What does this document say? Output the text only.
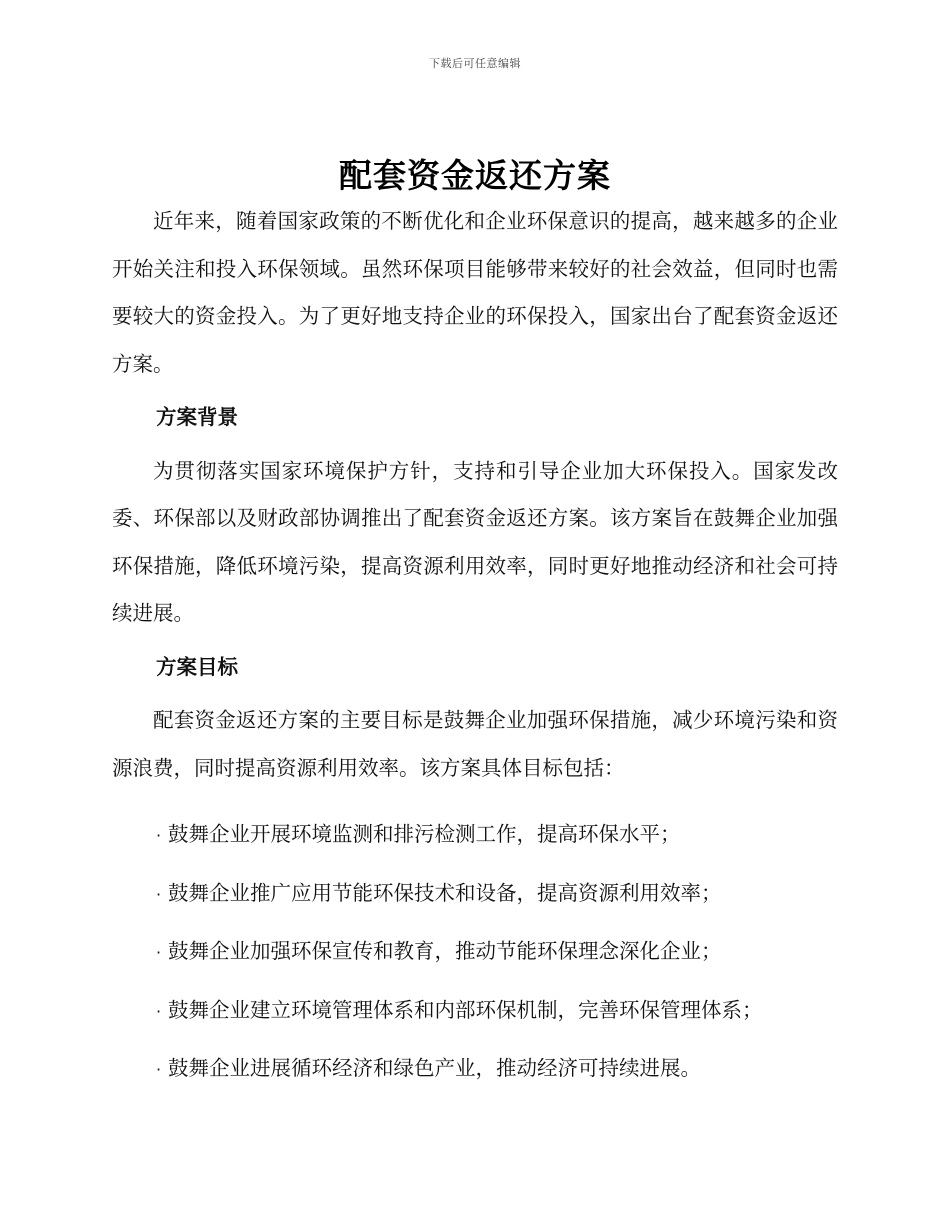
下载后可任意编辑
配套资金返还方案

近年来，随着国家政策的不断优化和企业环保意识的提高，越来越多的企业开始关注和投入环保领域。虽然环保项目能够带来较好的社会效益，但同时也需要较大的资金投入。为了更好地支持企业的环保投入，国家出台了配套资金返还方案。

方案背景

为贯彻落实国家环境保护方针，支持和引导企业加大环保投入。国家发改委、环保部以及财政部协调推出了配套资金返还方案。该方案旨在鼓舞企业加强环保措施，降低环境污染，提高资源利用效率，同时更好地推动经济和社会可持续进展。

方案目标

配套资金返还方案的主要目标是鼓舞企业加强环保措施，减少环境污染和资源浪费，同时提高资源利用效率。该方案具体目标包括：

· 鼓舞企业开展环境监测和排污检测工作，提高环保水平；
· 鼓舞企业推广应用节能环保技术和设备，提高资源利用效率；
· 鼓舞企业加强环保宣传和教育，推动节能环保理念深化企业；
· 鼓舞企业建立环境管理体系和内部环保机制，完善环保管理体系；
· 鼓舞企业进展循环经济和绿色产业，推动经济可持续进展。
